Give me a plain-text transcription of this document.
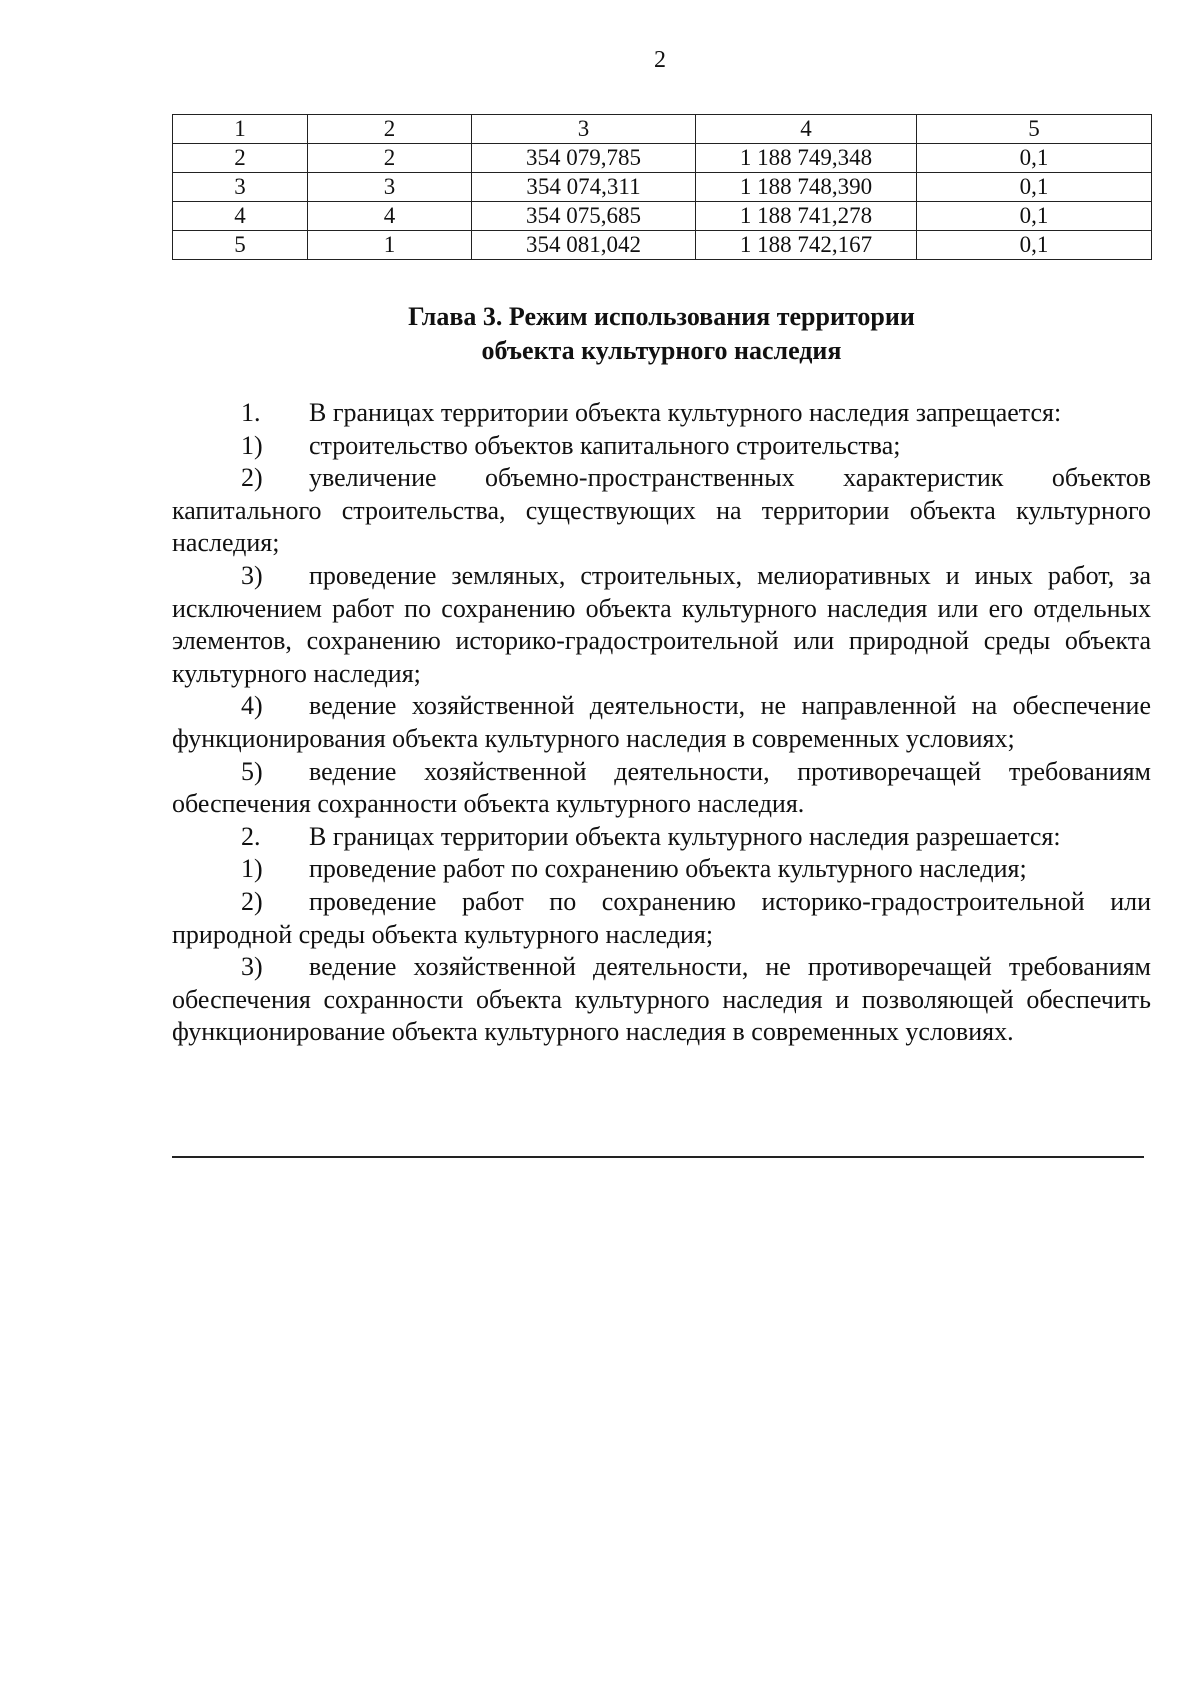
2
1	2	3	4	5
2	2	354 079,785	1 188 749,348	0,1
3	3	354 074,311	1 188 748,390	0,1
4	4	354 075,685	1 188 741,278	0,1
5	1	354 081,042	1 188 742,167	0,1
Глава 3. Режим использования территории
объекта культурного наследия

1. В границах территории объекта культурного наследия запрещается:

1) строительство объектов капитального строительства;

2) увеличение объемно-пространственных характеристик объектов капитального строительства, существующих на территории объекта культурного наследия;

3) проведение земляных, строительных, мелиоративных и иных работ, за исключением работ по сохранению объекта культурного наследия или его отдельных элементов, сохранению историко-градостроительной или природной среды объекта культурного наследия;

4) ведение хозяйственной деятельности, не направленной на обеспечение функционирования объекта культурного наследия в современных условиях;

5) ведение хозяйственной деятельности, противоречащей требованиям обеспечения сохранности объекта культурного наследия.

2. В границах территории объекта культурного наследия разрешается:

1) проведение работ по сохранению объекта культурного наследия;

2) проведение работ по сохранению историко-градостроительной или природной среды объекта культурного наследия;

3) ведение хозяйственной деятельности, не противоречащей требованиям обеспечения сохранности объекта культурного наследия и позволяющей обеспечить функционирование объекта культурного наследия в современных условиях.
